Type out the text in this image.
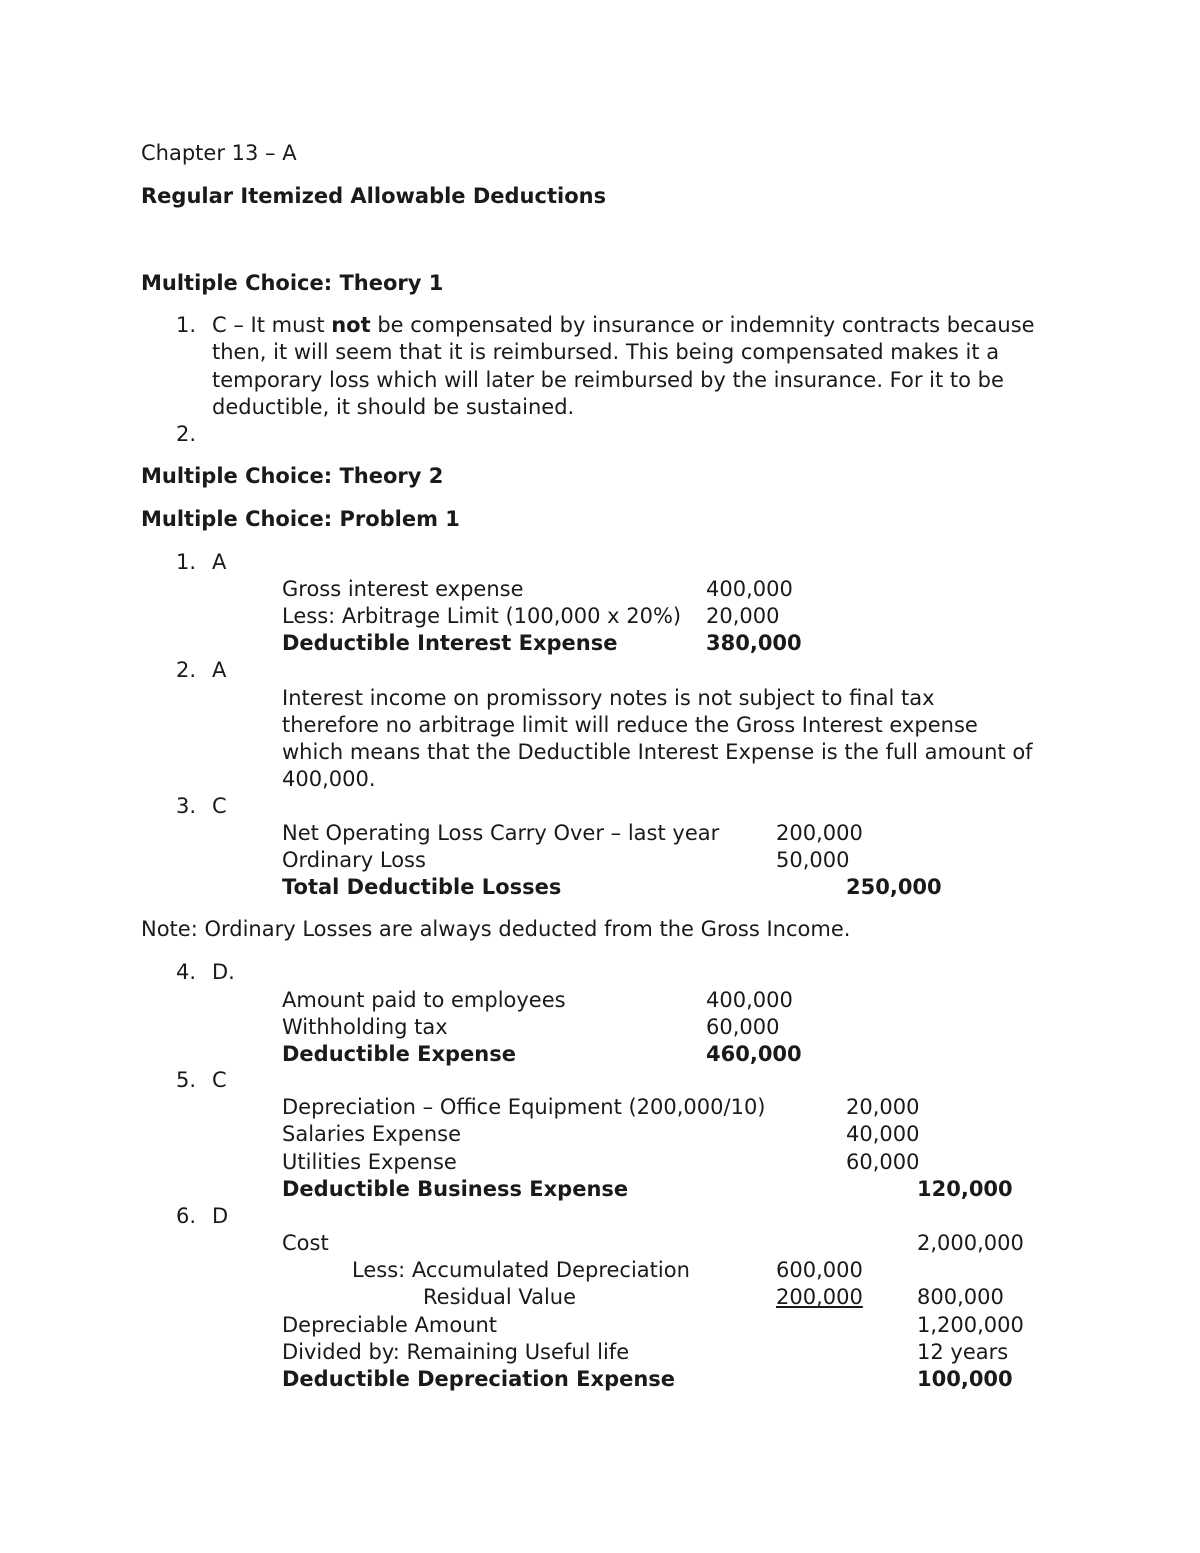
Chapter 13 – A
Regular Itemized Allowable Deductions
Multiple Choice: Theory 1
1. C – It must not be compensated by insurance or indemnity contracts because
then, it will seem that it is reimbursed. This being compensated makes it a
temporary loss which will later be reimbursed by the insurance. For it to be
deductible, it should be sustained.
2.
Multiple Choice: Theory 2
Multiple Choice: Problem 1
1. A
Gross interest expense	400,000
Less: Arbitrage Limit (100,000 x 20%) 20,000
Deductible Interest Expense	380,000
2. A
Interest income on promissory notes is not subject to final tax
therefore no arbitrage limit will reduce the Gross Interest expense
which means that the Deductible Interest Expense is the full amount of
400,000.
3. C
Net Operating Loss Carry Over – last year	200,000
Ordinary Loss	50,000
Total Deductible Losses	250,000
Note: Ordinary Losses are always deducted from the Gross Income.
4. D.
Amount paid to employees	400,000
Withholding tax	60,000
Deductible Expense	460,000
5. C
Depreciation – Office Equipment (200,000/10)	20,000
Salaries Expense	40,000
Utilities Expense	60,000
Deductible Business Expense	120,000
6. D
Cost	2,000,000
Less: Accumulated Depreciation	600,000
Residual Value	200,000	800,000
Depreciable Amount	1,200,000
Divided by: Remaining Useful life	12 years
Deductible Depreciation Expense	100,000
